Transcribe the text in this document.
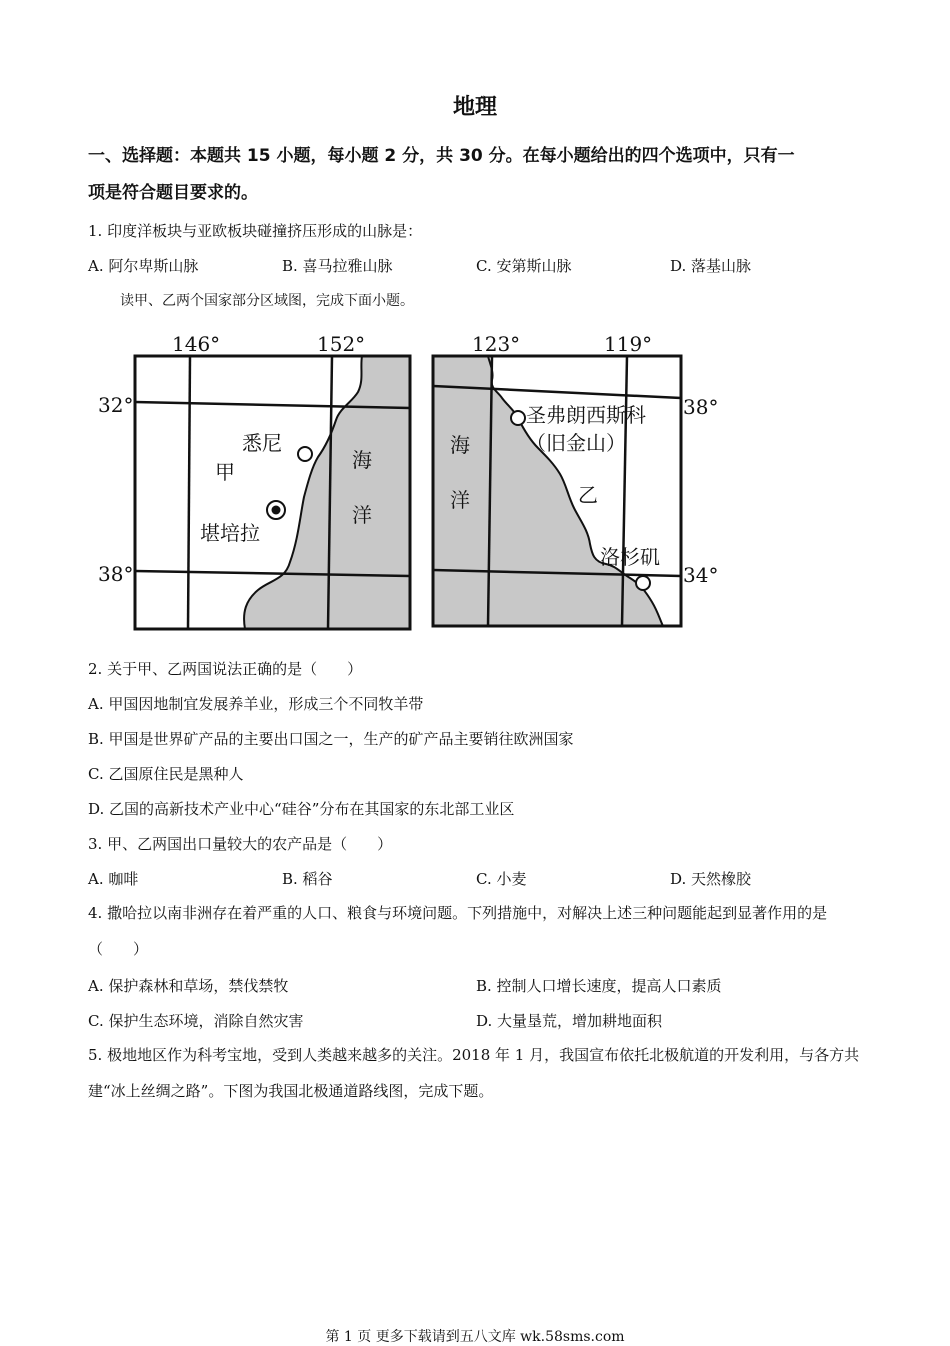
地理
一、选择题：本题共 15 小题，每小题 2 分，共 30 分。在每小题给出的四个选项中，只有一
项是符合题目要求的。
1. 印度洋板块与亚欧板块碰撞挤压形成的山脉是：
A. 阿尔卑斯山脉	B. 喜马拉雅山脉	C. 安第斯山脉	D. 落基山脉
读甲、乙两个国家部分区域图，完成下面小题。
146°	152°
32°
38°
悉尼
甲
堪培拉
海
洋
123°	119°
38°
34°
圣弗朗西斯科
（旧金山）
乙
洛杉矶
海
洋
2. 关于甲、乙两国说法正确的是（　　）
A. 甲国因地制宜发展养羊业，形成三个不同牧羊带
B. 甲国是世界矿产品的主要出口国之一，生产的矿产品主要销往欧洲国家
C. 乙国原住民是黑种人
D. 乙国的高新技术产业中心“硅谷”分布在其国家的东北部工业区
3. 甲、乙两国出口量较大的农产品是（　　）
A. 咖啡	B. 稻谷	C. 小麦	D. 天然橡胶
4. 撒哈拉以南非洲存在着严重的人口、粮食与环境问题。下列措施中，对解决上述三种问题能起到显著作用的是（　　）
A. 保护森林和草场，禁伐禁牧	B. 控制人口增长速度，提高人口素质
C. 保护生态环境，消除自然灾害	D. 大量垦荒，增加耕地面积
5. 极地地区作为科考宝地，受到人类越来越多的关注。2018 年 1 月，我国宣布依托北极航道的开发利用，与各方共建“冰上丝绸之路”。下图为我国北极通道路线图，完成下题。
第 1 页 更多下载请到五八文库 wk.58sms.com
